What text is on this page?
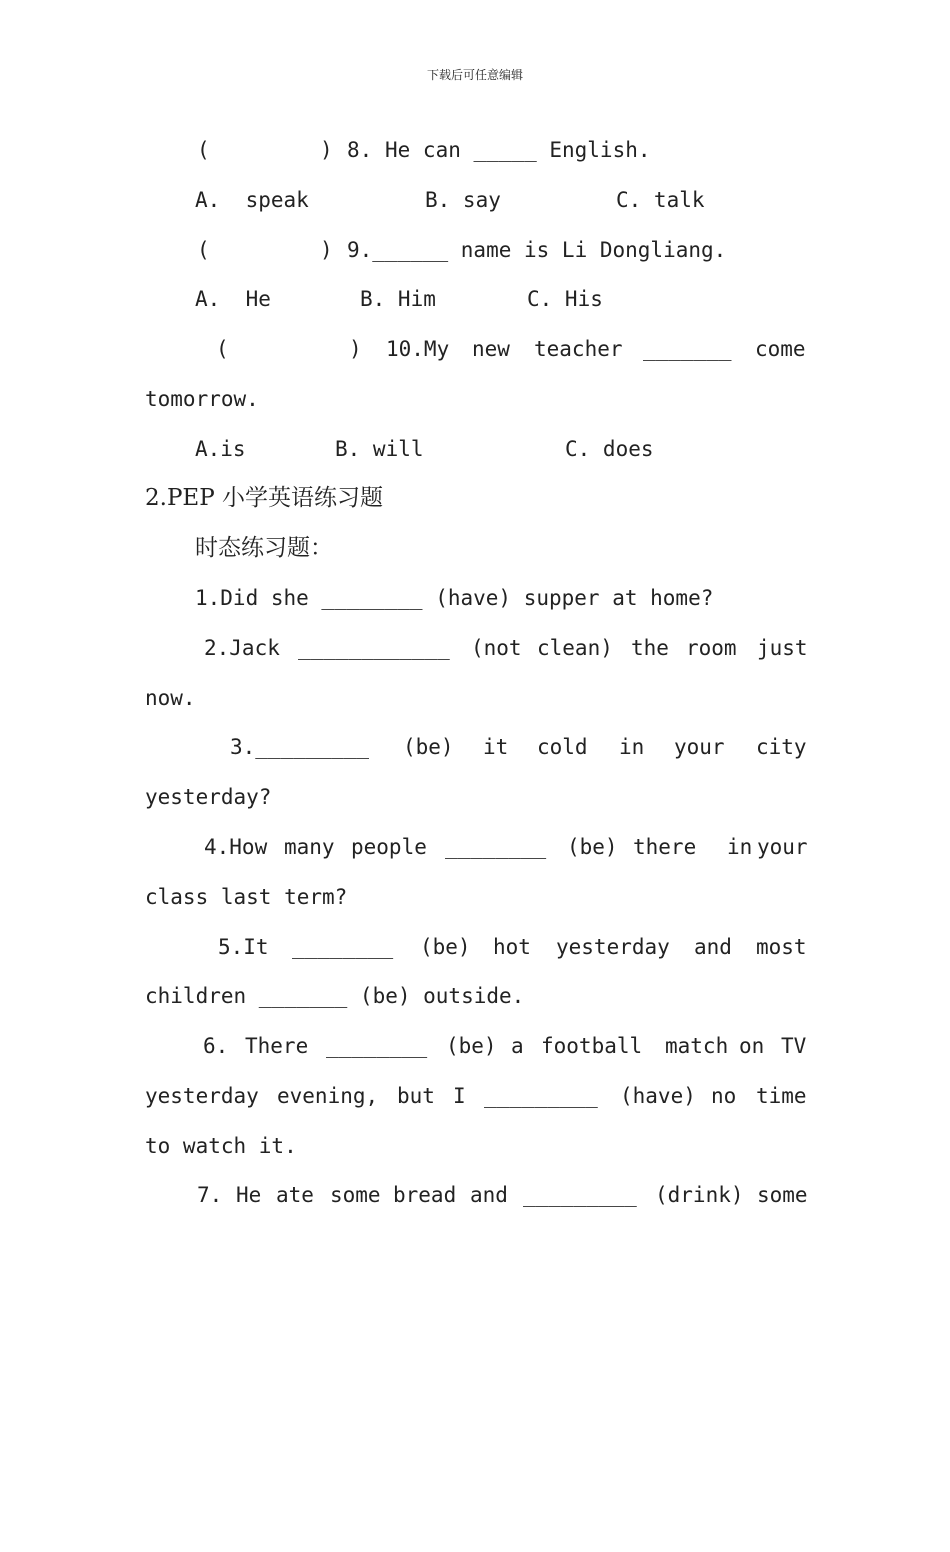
下载后可任意编辑

(

	)

8.

He can _____ English.

A.  speak

	B. say

	C. talk

(

	)

9.______ name is Li Dongliang.

A.  He

	B. Him

	C. His

(

	)

10.My

new

teacher

_______

come

tomorrow.

A.is

	B. will

	C. does

2.PEP 小学英语练习题

时态练习题：

1.Did she ________ (have) supper at home?

2.Jack

____________

(not

clean)

the

room

just

now.

3._________

(be)

it

cold

in

your

city

yesterday?

4.How

many

people

________

(be)

there

in

your

class last term?

5.It

________

(be)

hot

yesterday

and

most

children _______ (be) outside.

6.

There

________

(be)

a

football

match

on

TV

yesterday

evening,

but

I

_________

(have)

no

time

to watch it.

7.

He

ate

some

bread

and

_________

(drink)

some
